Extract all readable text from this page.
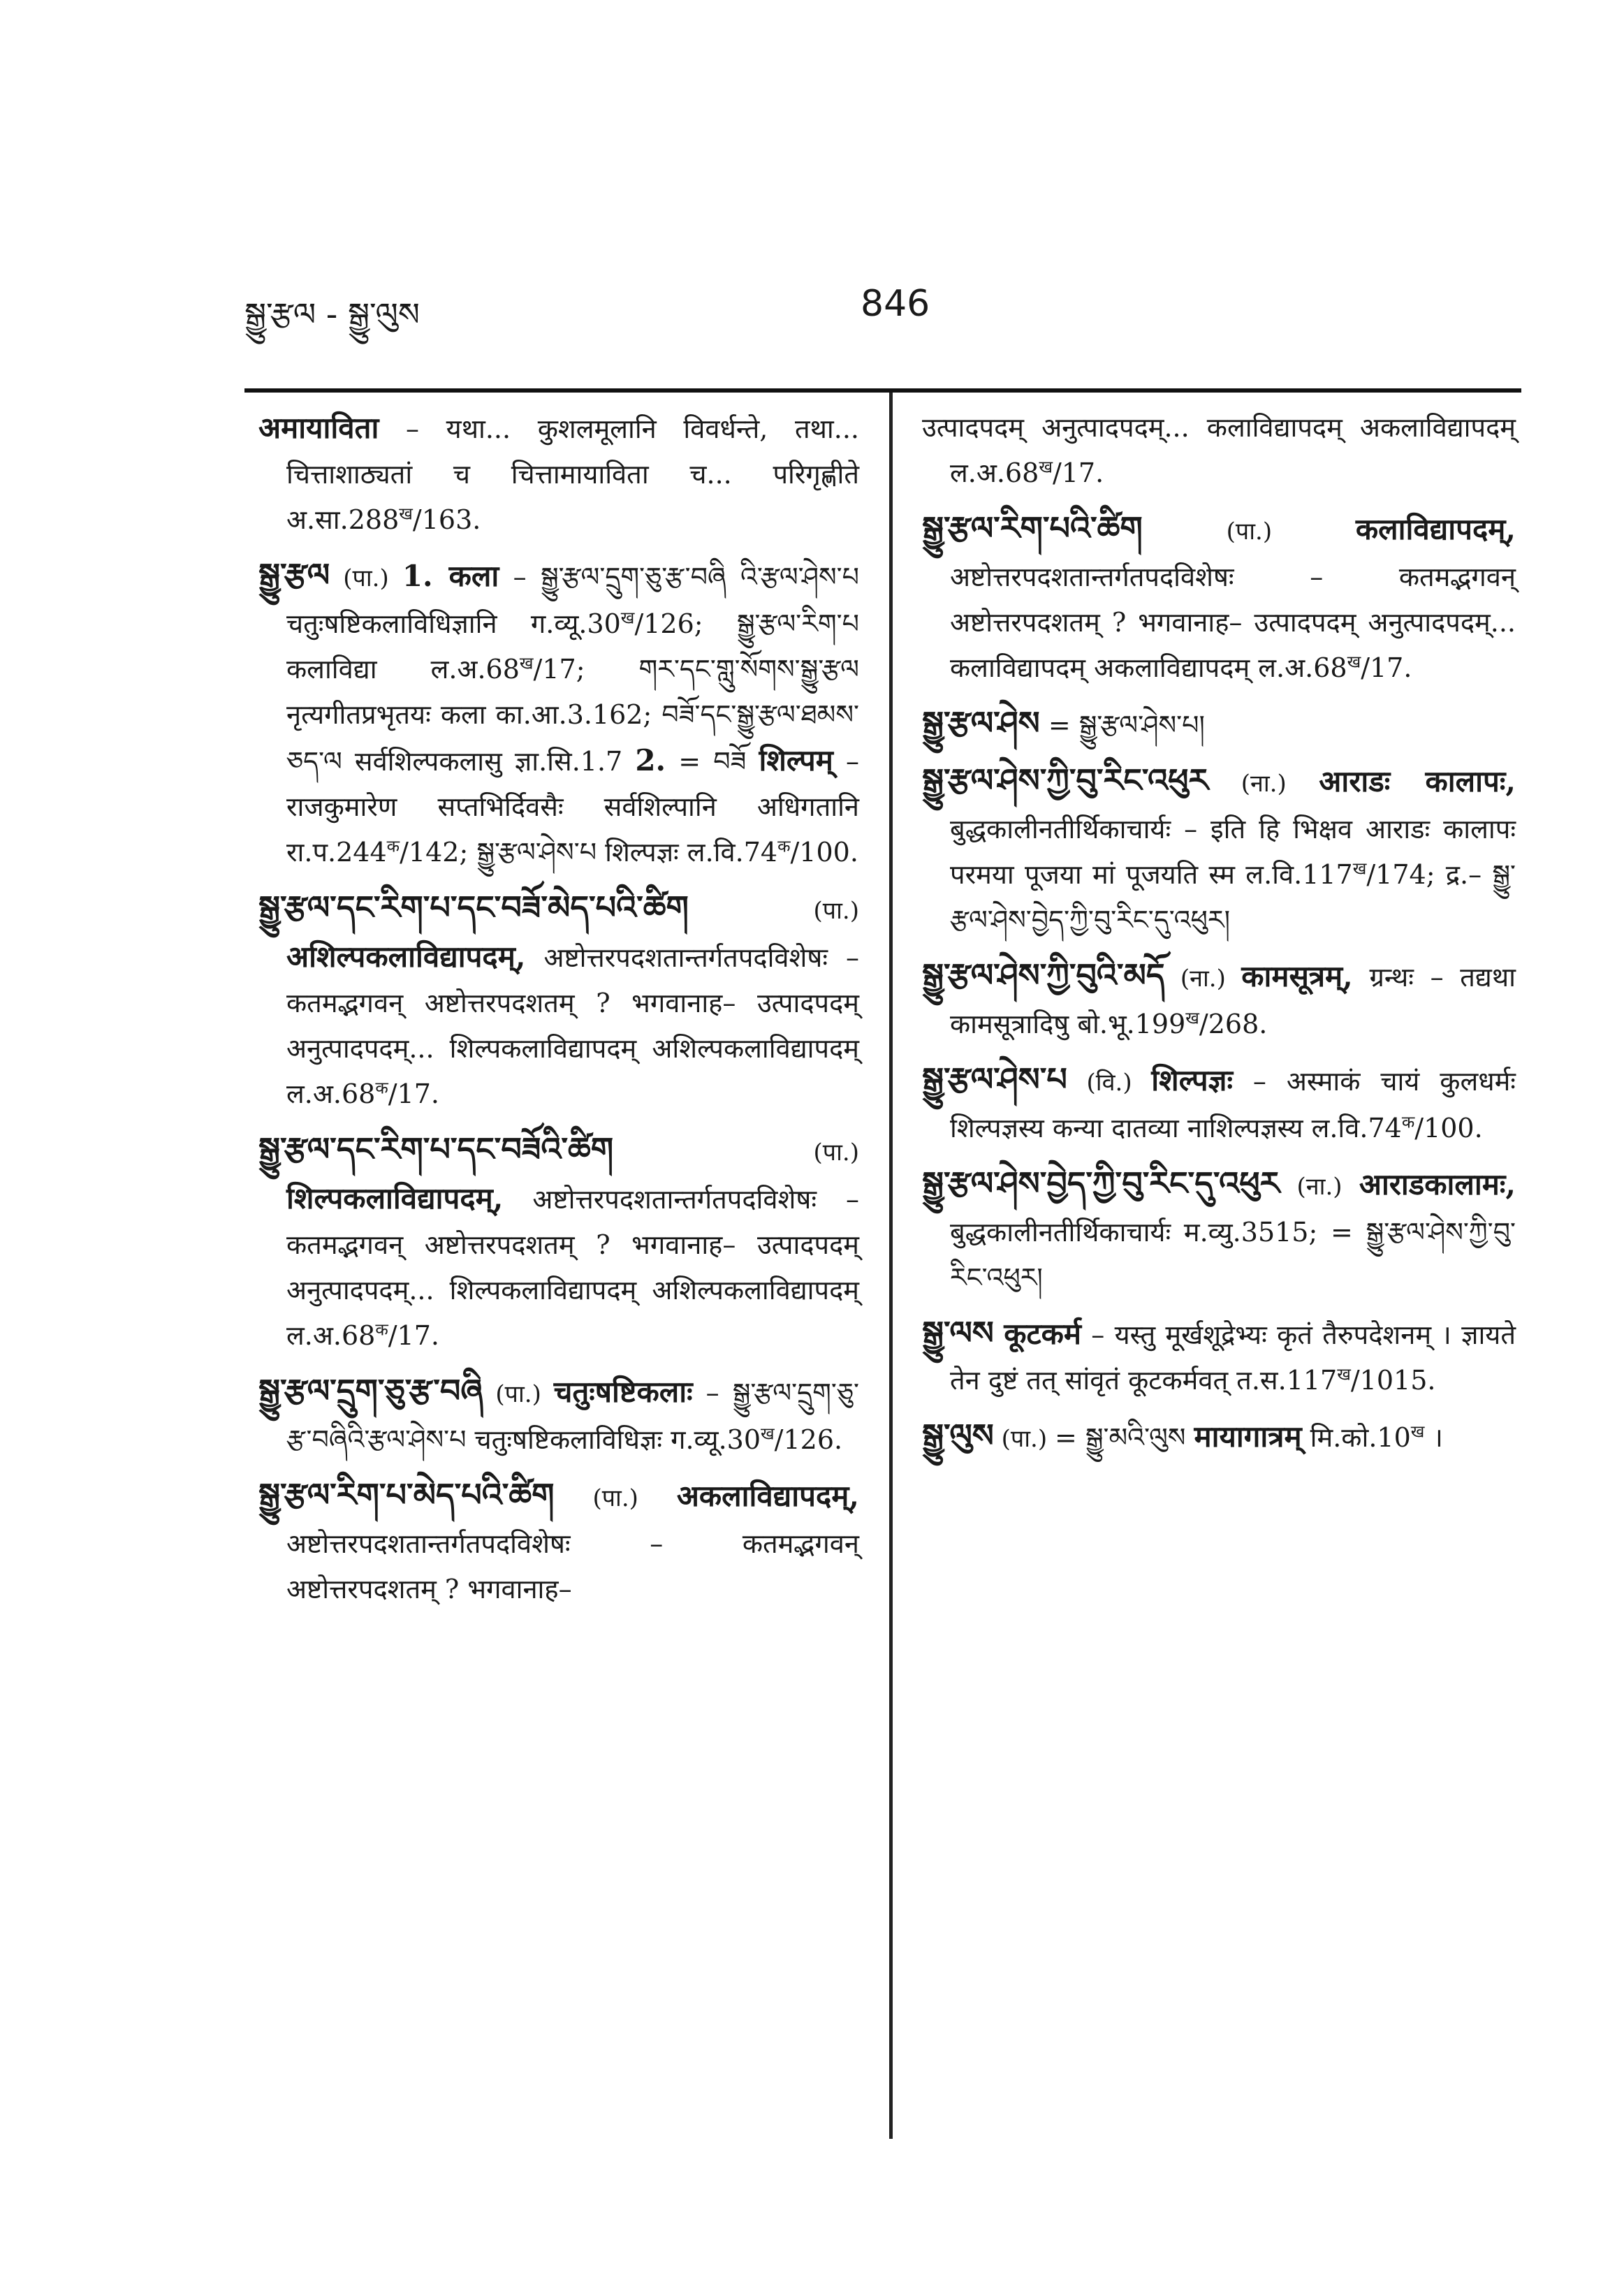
སྒྱུ་རྩལ - སྒྱུ་ལུས	846

अमायाविता – यथा... कुशलमूलानि विवर्धन्ते, तथा... चित्ताशाठ्यतां च चित्तामायाविता च... परिगृह्णीते $अ.सा.288^ख/163$.

སྒྱུ་རྩལ (पा.) 1. कला – སྒྱུ་རྩལ་དྲུག་ཅུ་རྩ་བཞི འི་རྩལ་ཤེས་པ चतुःषष्टिकलाविधिज्ञानि $ग.व्यू.30^ख/126$; སྒྱུ་རྩལ་རིག་པ कलाविद्या $ल.अ.68^ख/17$; གར་དང་གླུ་སོགས་སྒྱུ་རྩལ नृत्यगीतप्रभृतयः कला का.आ.3.162; བཟོ་དང་སྒྱུ་རྩལ་ཐམས་ཅད་ལ सर्वशिल्पकलासु ज्ञा.सि.1.7 2. = བཟོ शिल्पम् – राजकुमारेण सप्तभिर्दिवसैः सर्वशिल्पानि अधिगतानि $रा.प.244^क/142$; སྒྱུ་རྩལ་ཤེས་པ शिल्पज्ञः $ल.वि.74^क/100$.

སྒྱུ་རྩལ་དང་རིག་པ་དང་བཟོ་མེད་པའི་ཚིག (पा.) अशिल्पकलाविद्यापदम्, अष्टोत्तरपदशतान्तर्गतपदविशेषः – कतमद्भगवन् अष्टोत्तरपदशतम् ? भगवानाह– उत्पादपदम् अनुत्पादपदम्... शिल्पकलाविद्यापदम् अशिल्पकलाविद्यापदम् $ल.अ.68^क/17$.

སྒྱུ་རྩལ་དང་རིག་པ་དང་བཟོའི་ཚིག (पा.) शिल्पकलाविद्यापदम्, अष्टोत्तरपदशतान्तर्गतपदविशेषः – कतमद्भगवन् अष्टोत्तरपदशतम् ? भगवानाह– उत्पादपदम् अनुत्पादपदम्... शिल्पकलाविद्यापदम् अशिल्पकलाविद्यापदम् $ल.अ.68^क/17$.

སྒྱུ་རྩལ་དྲུག་ཅུ་རྩ་བཞི (पा.) चतुःषष्टिकलाः – སྒྱུ་རྩལ་དྲུག་ཅུ་རྩ་བཞིའི་རྩལ་ཤེས་པ चतुःषष्टिकलाविधिज्ञः $ग.व्यू.30^ख/126$.

སྒྱུ་རྩལ་རིག་པ་མེད་པའི་ཚིག (पा.) अकलाविद्यापदम्, अष्टोत्तरपदशतान्तर्गतपदविशेषः – कतमद्भगवन् अष्टोत्तरपदशतम् ? भगवानाह–

उत्पादपदम् अनुत्पादपदम्... कलाविद्यापदम् अकलाविद्यापदम् $ल.अ.68^ख/17$.

སྒྱུ་རྩལ་རིག་པའི་ཚིག (पा.) कलाविद्यापदम्, अष्टोत्तरपदशतान्तर्गतपदविशेषः – कतमद्भगवन् अष्टोत्तरपदशतम् ? भगवानाह– उत्पादपदम् अनुत्पादपदम्... कलाविद्यापदम् अकलाविद्यापदम् $ल.अ.68^ख/17$.

སྒྱུ་རྩལ་ཤེས = སྒྱུ་རྩལ་ཤེས་པ།

སྒྱུ་རྩལ་ཤེས་ཀྱི་བུ་རིང་འཕུར (ना.) आराडः कालापः, बुद्धकालीनतीर्थिकाचार्यः – इति हि भिक्षव आराडः कालापः परमया पूजया मां पूजयति स्म $ल.वि.117^ख/174$; द्र.– སྒྱུ་རྩལ་ཤེས་བྱེད་ཀྱི་བུ་རིང་དུ་འཕུར།

སྒྱུ་རྩལ་ཤེས་ཀྱི་བུའི་མདོ (ना.) कामसूत्रम्, ग्रन्थः – तद्यथा कामसूत्रादिषु $बो.भू.199^ख/268$.

སྒྱུ་རྩལ་ཤེས་པ (वि.) शिल्पज्ञः – अस्माकं चायं कुलधर्मः शिल्पज्ञस्य कन्या दातव्या नाशिल्पज्ञस्य $ल.वि.74^क/100$.

སྒྱུ་རྩལ་ཤེས་བྱེད་ཀྱི་བུ་རིང་དུ་འཕུར (ना.) आराडकालामः, बुद्धकालीनतीर्थिकाचार्यः म.व्यु.3515; = སྒྱུ་རྩལ་ཤེས་ཀྱི་བུ་རིང་འཕུར།

སྒྱུ་ལས कूटकर्म – यस्तु मूर्खशूद्रेभ्यः कृतं तैरुपदेशनम् । ज्ञायते तेन दुष्टं तत् सांवृतं कूटकर्मवत् $त.स.117^ख/1015$.

སྒྱུ་ལུས (पा.) = སྒྱུ་མའི་ལུས मायागात्रम् $मि.को.10^ख$ ।
